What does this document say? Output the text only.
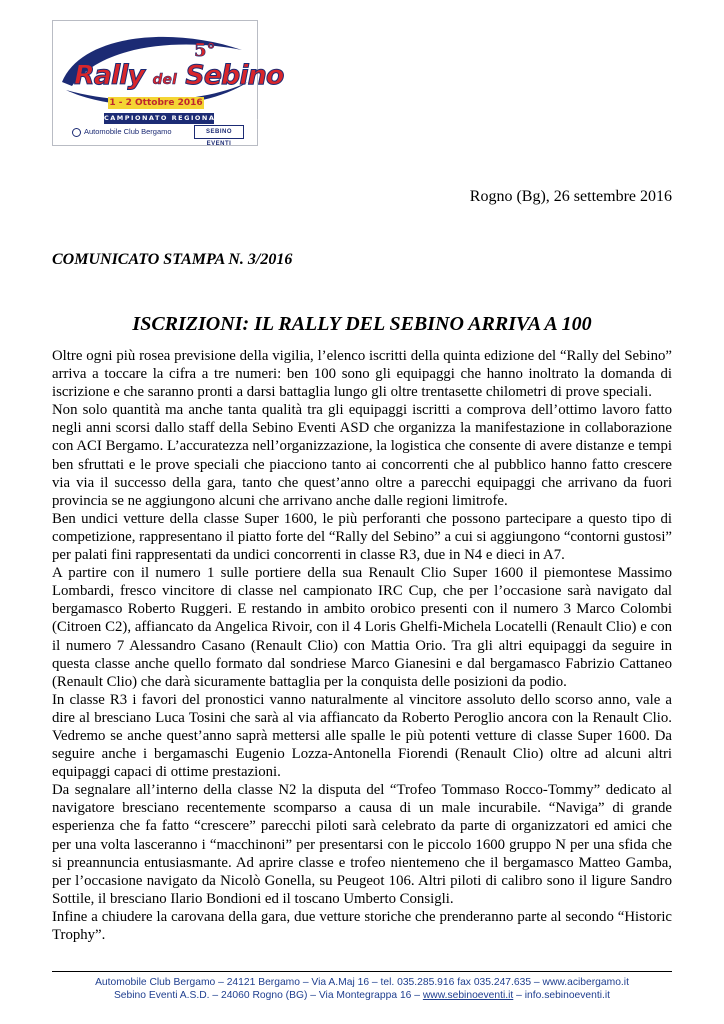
5°
Rally del Sebino
1 - 2 Ottobre 2016
CAMPIONATO REGIONALE LOMBARDIA
Automobile Club Bergamo	SEBINO EVENTI
Rogno (Bg), 26 settembre 2016
COMUNICATO STAMPA N. 3/2016
ISCRIZIONI: IL RALLY DEL SEBINO ARRIVA A 100

Oltre ogni più rosea previsione della vigilia, l’elenco iscritti della quinta edizione del “Rally del Sebino” arriva a toccare la cifra a tre numeri: ben 100 sono gli equipaggi che hanno inoltrato la domanda di iscrizione e che saranno pronti a darsi battaglia lungo gli oltre trentasette chilometri di prove speciali.

Non solo quantità ma anche tanta qualità tra gli equipaggi iscritti a comprova dell’ottimo lavoro fatto negli anni scorsi dallo staff della Sebino Eventi ASD che organizza la manifestazione in collaborazione con ACI Bergamo. L’accuratezza nell’organizzazione, la logistica che consente di avere distanze e tempi ben sfruttati e le prove speciali che piacciono tanto ai concorrenti che al pubblico hanno fatto crescere via via il successo della gara, tanto che quest’anno oltre a parecchi equipaggi che arrivano da fuori provincia se ne aggiungono alcuni che arrivano anche dalle regioni limitrofe.

Ben undici vetture della classe Super 1600, le più perforanti che possono partecipare a questo tipo di competizione, rappresentano il piatto forte del “Rally del Sebino” a cui si aggiungono “contorni gustosi” per palati fini rappresentati da undici concorrenti in classe R3, due in N4 e dieci in A7.

A partire con il numero 1 sulle portiere della sua Renault Clio Super 1600 il piemontese Massimo Lombardi, fresco vincitore di classe nel campionato IRC Cup, che per l’occasione sarà navigato dal bergamasco Roberto Ruggeri. E restando in ambito orobico presenti con il numero 3 Marco Colombi (Citroen C2), affiancato da Angelica Rivoir, con il 4 Loris Ghelfi-Michela Locatelli (Renault Clio) e con il numero 7 Alessandro Casano (Renault Clio) con Mattia Orio. Tra gli altri equipaggi da seguire in questa classe anche quello formato dal sondriese Marco Gianesini e dal bergamasco Fabrizio Cattaneo (Renault Clio) che darà sicuramente battaglia per la conquista delle posizioni da podio.

In classe R3 i favori del pronostici vanno naturalmente al vincitore assoluto dello scorso anno, vale a dire al bresciano Luca Tosini che sarà al via affiancato da Roberto Peroglio ancora con la Renault Clio. Vedremo se anche quest’anno saprà mettersi alle spalle le più potenti vetture di classe Super 1600. Da seguire anche i bergamaschi Eugenio Lozza-Antonella Fiorendi (Renault Clio) oltre ad alcuni altri equipaggi capaci di ottime prestazioni.

Da segnalare all’interno della classe N2 la disputa del “Trofeo Tommaso Rocco-Tommy” dedicato al navigatore bresciano recentemente scomparso a causa di un male incurabile. “Naviga” di grande esperienza che fa fatto “crescere” parecchi piloti sarà celebrato da parte di organizzatori ed amici che per una volta lasceranno i “macchinoni” per presentarsi con le piccolo 1600 gruppo N per una sfida che si preannuncia entusiasmante. Ad aprire classe e trofeo nientemeno che il bergamasco Matteo Gamba, per l’occasione navigato da Nicolò Gonella, su Peugeot 106. Altri piloti di calibro sono il ligure Sandro Sottile, il bresciano Ilario Bondioni ed il toscano Umberto Consigli.

Infine a chiudere la carovana della gara, due vetture storiche che prenderanno parte al secondo “Historic Trophy”.

Automobile Club Bergamo – 24121 Bergamo – Via A.Maj 16 – tel. 035.285.916 fax 035.247.635 – www.acibergamo.it
Sebino Eventi A.S.D. – 24060 Rogno (BG) – Via Montegrappa 16 – www.sebinoeventi.it – info.sebinoeventi.it
